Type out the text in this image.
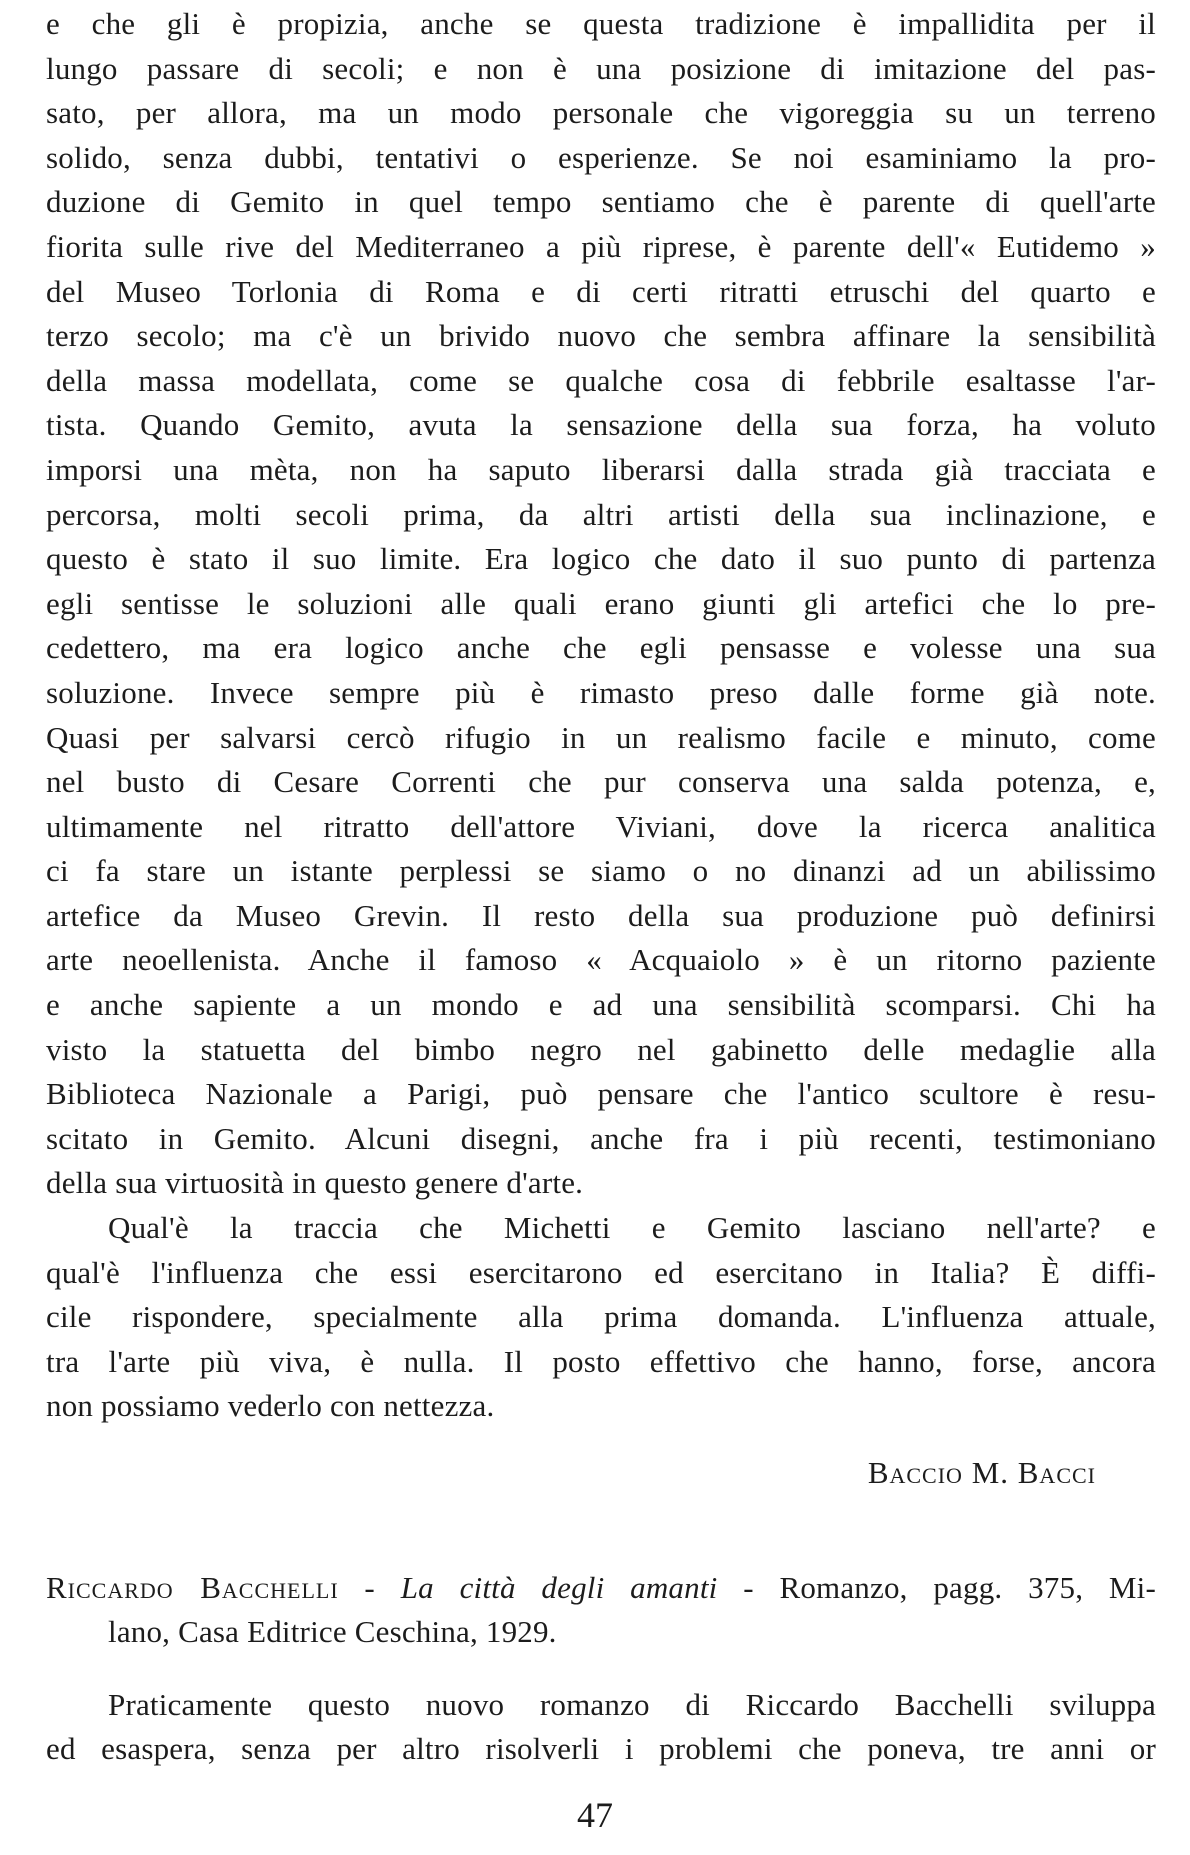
e che gli è propizia, anche se questa tradizione è impallidita per il
lungo passare di secoli; e non è una posizione di imitazione del pas-
sato, per allora, ma un modo personale che vigoreggia su un terreno
solido, senza dubbi, tentativi o esperienze. Se noi esaminiamo la pro-
duzione di Gemito in quel tempo sentiamo che è parente di quell'arte
fiorita sulle rive del Mediterraneo a più riprese, è parente dell'« Eutidemo »
del Museo Torlonia di Roma e di certi ritratti etruschi del quarto e
terzo secolo; ma c'è un brivido nuovo che sembra affinare la sensibilità
della massa modellata, come se qualche cosa di febbrile esaltasse l'ar-
tista. Quando Gemito, avuta la sensazione della sua forza, ha voluto
imporsi una mèta, non ha saputo liberarsi dalla strada già tracciata e
percorsa, molti secoli prima, da altri artisti della sua inclinazione, e
questo è stato il suo limite. Era logico che dato il suo punto di partenza
egli sentisse le soluzioni alle quali erano giunti gli artefici che lo pre-
cedettero, ma era logico anche che egli pensasse e volesse una sua
soluzione. Invece sempre più è rimasto preso dalle forme già note.
Quasi per salvarsi cercò rifugio in un realismo facile e minuto, come
nel busto di Cesare Correnti che pur conserva una salda potenza, e,
ultimamente nel ritratto dell'attore Viviani, dove la ricerca analitica
ci fa stare un istante perplessi se siamo o no dinanzi ad un abilissimo
artefice da Museo Grevin. Il resto della sua produzione può definirsi
arte neoellenista. Anche il famoso « Acquaiolo » è un ritorno paziente
e anche sapiente a un mondo e ad una sensibilità scomparsi. Chi ha
visto la statuetta del bimbo negro nel gabinetto delle medaglie alla
Biblioteca Nazionale a Parigi, può pensare che l'antico scultore è resu-
scitato in Gemito. Alcuni disegni, anche fra i più recenti, testimoniano
della sua virtuosità in questo genere d'arte.
Qual'è la traccia che Michetti e Gemito lasciano nell'arte? e
qual'è l'influenza che essi esercitarono ed esercitano in Italia? È diffi-
cile rispondere, specialmente alla prima domanda. L'influenza attuale,
tra l'arte più viva, è nulla. Il posto effettivo che hanno, forse, ancora
non possiamo vederlo con nettezza.
Baccio M. Bacci
Riccardo Bacchelli - La città degli amanti - Romanzo, pagg. 375, Mi-
lano, Casa Editrice Ceschina, 1929.
Praticamente questo nuovo romanzo di Riccardo Bacchelli sviluppa
ed esaspera, senza per altro risolverli i problemi che poneva, tre anni or
47
